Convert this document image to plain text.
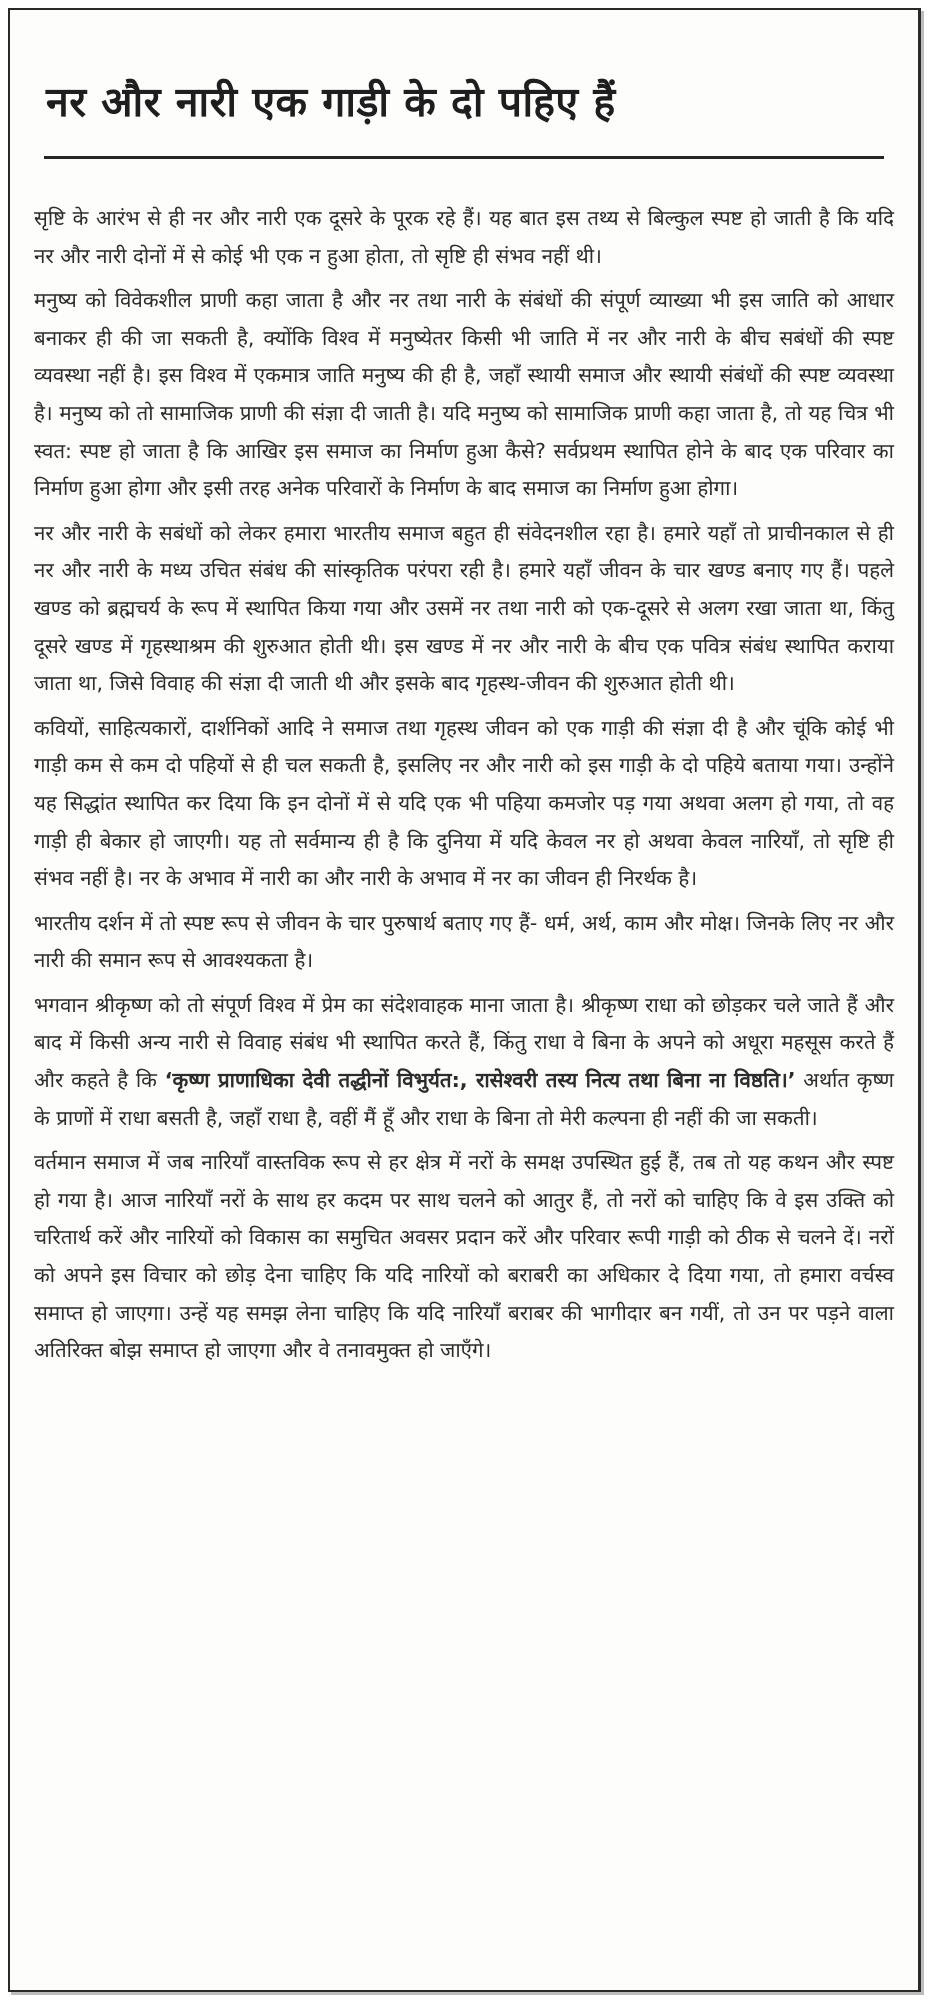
नर और नारी एक गाड़ी के दो पहिए हैं

सृष्टि के आरंभ से ही नर और नारी एक दूसरे के पूरक रहे हैं। यह बात इस तथ्य से बिल्कुल स्पष्ट हो जाती है कि यदि नर और नारी दोनों में से कोई भी एक न हुआ होता, तो सृष्टि ही संभव नहीं थी।

मनुष्य को विवेकशील प्राणी कहा जाता है और नर तथा नारी के संबंधों की संपूर्ण व्याख्या भी इस जाति को आधार बनाकर ही की जा सकती है, क्योंकि विश्व में मनुष्येतर किसी भी जाति में नर और नारी के बीच सबंधों की स्पष्ट व्यवस्था नहीं है। इस विश्व में एकमात्र जाति मनुष्य की ही है, जहाँ स्थायी समाज और स्थायी संबंधों की स्पष्ट व्यवस्था है। मनुष्य को तो सामाजिक प्राणी की संज्ञा दी जाती है। यदि मनुष्य को सामाजिक प्राणी कहा जाता है, तो यह चित्र भी स्वत: स्पष्ट हो जाता है कि आखिर इस समाज का निर्माण हुआ कैसे? सर्वप्रथम स्थापित होने के बाद एक परिवार का निर्माण हुआ होगा और इसी तरह अनेक परिवारों के निर्माण के बाद समाज का निर्माण हुआ होगा।

नर और नारी के सबंधों को लेकर हमारा भारतीय समाज बहुत ही संवेदनशील रहा है। हमारे यहाँ तो प्राचीनकाल से ही नर और नारी के मध्य उचित संबंध की सांस्कृतिक परंपरा रही है। हमारे यहाँ जीवन के चार खण्ड बनाए गए हैं। पहले खण्ड को ब्रह्मचर्य के रूप में स्थापित किया गया और उसमें नर तथा नारी को एक-दूसरे से अलग रखा जाता था, किंतु दूसरे खण्ड में गृहस्थाश्रम की शुरुआत होती थी। इस खण्ड में नर और नारी के बीच एक पवित्र संबंध स्थापित कराया जाता था, जिसे विवाह की संज्ञा दी जाती थी और इसके बाद गृहस्थ-जीवन की शुरुआत होती थी।

कवियों, साहित्यकारों, दार्शनिकों आदि ने समाज तथा गृहस्थ जीवन को एक गाड़ी की संज्ञा दी है और चूंकि कोई भी गाड़ी कम से कम दो पहियों से ही चल सकती है, इसलिए नर और नारी को इस गाड़ी के दो पहिये बताया गया। उन्होंने यह सिद्धांत स्थापित कर दिया कि इन दोनों में से यदि एक भी पहिया कमजोर पड़ गया अथवा अलग हो गया, तो वह गाड़ी ही बेकार हो जाएगी। यह तो सर्वमान्य ही है कि दुनिया में यदि केवल नर हो अथवा केवल नारियाँ, तो सृष्टि ही संभव नहीं है। नर के अभाव में नारी का और नारी के अभाव में नर का जीवन ही निरर्थक है।

भारतीय दर्शन में तो स्पष्ट रूप से जीवन के चार पुरुषार्थ बताए गए हैं- धर्म, अर्थ, काम और मोक्ष। जिनके लिए नर और नारी की समान रूप से आवश्यकता है।

भगवान श्रीकृष्ण को तो संपूर्ण विश्व में प्रेम का संदेशवाहक माना जाता है। श्रीकृष्ण राधा को छोड़कर चले जाते हैं और बाद में किसी अन्य नारी से विवाह संबंध भी स्थापित करते हैं, किंतु राधा वे बिना के अपने को अधूरा महसूस करते हैं और कहते है कि ‘कृष्ण प्राणाधिका देवी तद्धीनों विभुर्यत:, रासेश्वरी तस्य नित्य तथा बिना ना विष्ठति।’ अर्थात कृष्ण के प्राणों में राधा बसती है, जहाँ राधा है, वहीं मैं हूँ और राधा के बिना तो मेरी कल्पना ही नहीं की जा सकती।

वर्तमान समाज में जब नारियाँ वास्तविक रूप से हर क्षेत्र में नरों के समक्ष उपस्थित हुई हैं, तब तो यह कथन और स्पष्ट हो गया है। आज नारियाँ नरों के साथ हर कदम पर साथ चलने को आतुर हैं, तो नरों को चाहिए कि वे इस उक्ति को चरितार्थ करें और नारियों को विकास का समुचित अवसर प्रदान करें और परिवार रूपी गाड़ी को ठीक से चलने दें। नरों को अपने इस विचार को छोड़ देना चाहिए कि यदि नारियों को बराबरी का अधिकार दे दिया गया, तो हमारा वर्चस्व समाप्त हो जाएगा। उन्हें यह समझ लेना चाहिए कि यदि नारियाँ बराबर की भागीदार बन गयीं, तो उन पर पड़ने वाला अतिरिक्त बोझ समाप्त हो जाएगा और वे तनावमुक्त हो जाएँगे।
